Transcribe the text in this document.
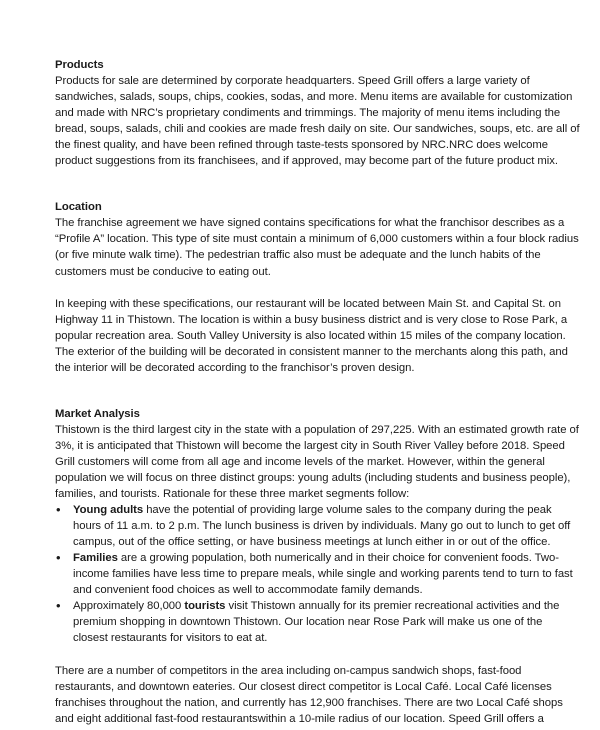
Products

Products for sale are determined by corporate headquarters. Speed Grill offers a large variety of sandwiches, salads, soups, chips, cookies, sodas, and more. Menu items are available for customization and made with NRC’s proprietary condiments and trimmings. The majority of menu items including the bread, soups, salads, chili and cookies are made fresh daily on site. Our sandwiches, soups, etc. are all of the finest quality, and have been refined through taste-tests sponsored by NRC.NRC does welcome product suggestions from its franchisees, and if approved, may become part of the future product mix.

Location

The franchise agreement we have signed contains specifications for what the franchisor describes as a “Profile A” location. This type of site must contain a minimum of 6,000 customers within a four block radius (or five minute walk time). The pedestrian traffic also must be adequate and the lunch habits of the customers must be conducive to eating out.

In keeping with these specifications, our restaurant will be located between Main St. and Capital St. on Highway 11 in Thistown. The location is within a busy business district and is very close to Rose Park, a popular recreation area. South Valley University is also located within 15 miles of the company location. The exterior of the building will be decorated in consistent manner to the merchants along this path, and the interior will be decorated according to the franchisor’s proven design.

Market Analysis

Thistown is the third largest city in the state with a population of 297,225. With an estimated growth rate of 3%, it is anticipated that Thistown will become the largest city in South River Valley before 2018. Speed Grill customers will come from all age and income levels of the market. However, within the general population we will focus on three distinct groups: young adults (including students and business people), families, and tourists. Rationale for these three market segments follow:

• Young adults have the potential of providing large volume sales to the company during the peak hours of 11 a.m. to 2 p.m. The lunch business is driven by individuals. Many go out to lunch to get off campus, out of the office setting, or have business meetings at lunch either in or out of the office.
• Families are a growing population, both numerically and in their choice for convenient foods. Two-income families have less time to prepare meals, while single and working parents tend to turn to fast and convenient food choices as well to accommodate family demands.
• Approximately 80,000 tourists visit Thistown annually for its premier recreational activities and the premium shopping in downtown Thistown. Our location near Rose Park will make us one of the closest restaurants for visitors to eat at.

There are a number of competitors in the area including on-campus sandwich shops, fast-food restaurants, and downtown eateries. Our closest direct competitor is Local Café. Local Café licenses franchises throughout the nation, and currently has 12,900 franchises. There are two Local Café shops and eight additional fast-food restaurantswithin a 10-mile radius of our location. Speed Grill offers a
